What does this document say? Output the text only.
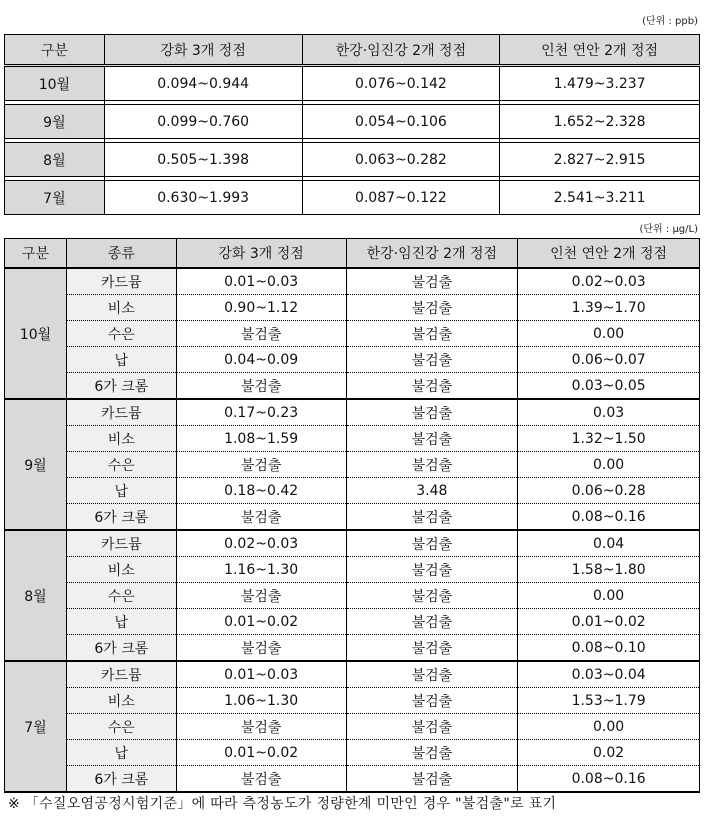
(단위 : ppb)
구분	강화 3개 정점	한강·임진강 2개 정점	인천 연안 2개 정점
10월	0.094~0.944	0.076~0.142	1.479~3.237

9월	0.099~0.760	0.054~0.106	1.652~2.328

8월	0.505~1.398	0.063~0.282	2.827~2.915

7월	0.630~1.993	0.087~0.122	2.541~3.211
(단위 : μg/L)
구분	종류	강화 3개 정점	한강·임진강 2개 정점	인천 연안 2개 정점
10월	카드뮴	0.01~0.03	불검출	0.02~0.03
	비소	0.90~1.12	불검출	1.39~1.70
	수은	불검출	불검출	0.00
	납	0.04~0.09	불검출	0.06~0.07
	6가 크롬	불검출	불검출	0.03~0.05
9월	카드뮴	0.17~0.23	불검출	0.03
	비소	1.08~1.59	불검출	1.32~1.50
	수은	불검출	불검출	0.00
	납	0.18~0.42	3.48	0.06~0.28
	6가 크롬	불검출	불검출	0.08~0.16
8월	카드뮴	0.02~0.03	불검출	0.04
	비소	1.16~1.30	불검출	1.58~1.80
	수은	불검출	불검출	0.00
	납	0.01~0.02	불검출	0.01~0.02
	6가 크롬	불검출	불검출	0.08~0.10
7월	카드뮴	0.01~0.03	불검출	0.03~0.04
	비소	1.06~1.30	불검출	1.53~1.79
	수은	불검출	불검출	0.00
	납	0.01~0.02	불검출	0.02
	6가 크롬	불검출	불검출	0.08~0.16
※ 「수질오염공정시험기준」에 따라 측정농도가 정량한계 미만인 경우 "불검출"로 표기
